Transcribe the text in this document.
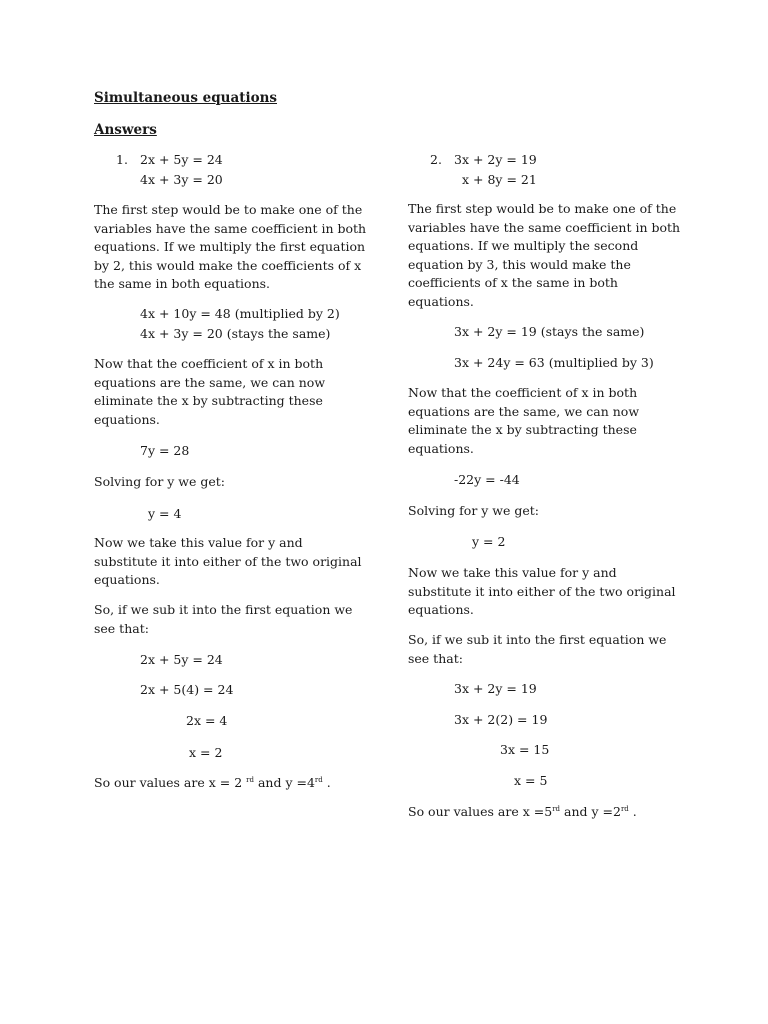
Simultaneous equations
Answers
1. 2x + 5y = 24
4x + 3y = 20
The first step would be to make one of the variables have the same coefficient in both equations. If we multiply the first equation by 2, this would make the coefficients of x the same in both equations.
4x + 10y = 48 (multiplied by 2)
4x + 3y = 20 (stays the same)
Now that the coefficient of x in both equations are the same, we can now eliminate the x by subtracting these equations.
7y = 28
Solving for y we get:
y = 4
Now we take this value for y and substitute it into either of the two original equations.
So, if we sub it into the first equation we see that:
2x + 5y = 24
2x + 5(4) = 24
2x = 4
x = 2
So our values are x = 2 $^{rd}$ and y =4rd .
2. 3x + 2y = 19
x + 8y = 21
The first step would be to make one of the variables have the same coefficient in both equations. If we multiply the second equation by 3, this would make the coefficients of x the same in both equations.
3x + 2y = 19 (stays the same)
3x + 24y = 63 (multiplied by 3)
Now that the coefficient of x in both equations are the same, we can now eliminate the x by subtracting these equations.
-22y = -44
Solving for y we get:
y = 2
Now we take this value for y and substitute it into either of the two original equations.
So, if we sub it into the first equation we see that:
3x + 2y = 19
3x + 2(2) = 19
3x = 15
x = 5
So our values are x =5rd and y =2rd .
